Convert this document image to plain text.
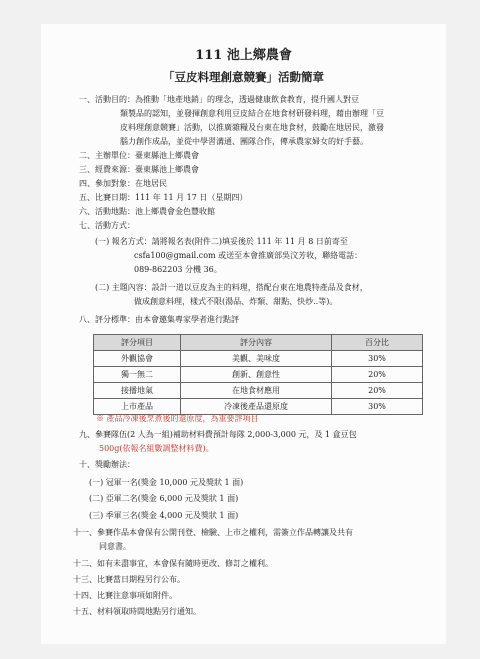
111 池上鄉農會
「豆皮料理創意競賽」活動簡章
一、活動目的：為推動「地產地銷」的理念，透過健康飲食教育，提升國人對豆
類製品的認知，並發揮創意利用豆皮結合在地食材研發料理，藉由辦理「豆
皮料理創意競賽」活動，以推廣雜糧及台東在地食材，鼓勵在地居民，激發
腦力創作成品，並從中學習溝通、團隊合作，傳承農家婦女的好手藝。
二、主辦單位：臺東縣池上鄉農會
三、經費來源：臺東縣池上鄉農會
四、參加對象：在地居民
五、比賽日期：111 年 11 月 17 日（星期四）
六、活動地點：池上鄉農會金色豐收館
七、活動方式：
(一) 報名方式：請將報名表(附件二)填妥後於 111 年 11 月 8 日前寄至
csfa100@gmail.com 或送至本會推廣部吳汶芳收，聯絡電話：
089-862203 分機 36。
(二) 主題內容：設計一道以豆皮為主的料理，搭配台東在地農特產品及食材，
做成創意料理，樣式不限(湯品、炸類、甜點、快炒..等)。
八、評分標準：由本會邀集專家學者進行點評
評分項目	評分內容	百分比
外觀協會	美觀、美味度	30%
獨一無二	創新、創意性	20%
接播地氣	在地食材應用	20%
上市產品	冷凍後產品還原度	30%
※ 產品冷凍後烹煮後的還原度，為重要評項目
九、參賽隊伍(2 人為一組)補助材料費預計每隊 2,000-3,000 元，及 1 盒豆包
500g(依報名組數調整材料費)。
十、獎勵辦法：
(一) 冠軍一名(獎金 10,000 元及獎狀 1 面)
(二) 亞軍二名(獎金 6,000 元及獎狀 1 面)
(三) 季軍三名(獎金 4,000 元及獎狀 1 面)
十一、參賽作品本會保有公開刊登、檢驗、上市之權利，需簽立作品轉讓及共有
同意書。
十二、如有未盡事宜，本會保有隨時更改、修訂之權利。
十三、比賽當日期程另行公布。
十四、比賽注意事項如附件。
十五、材料領取時間地點另行通知。
